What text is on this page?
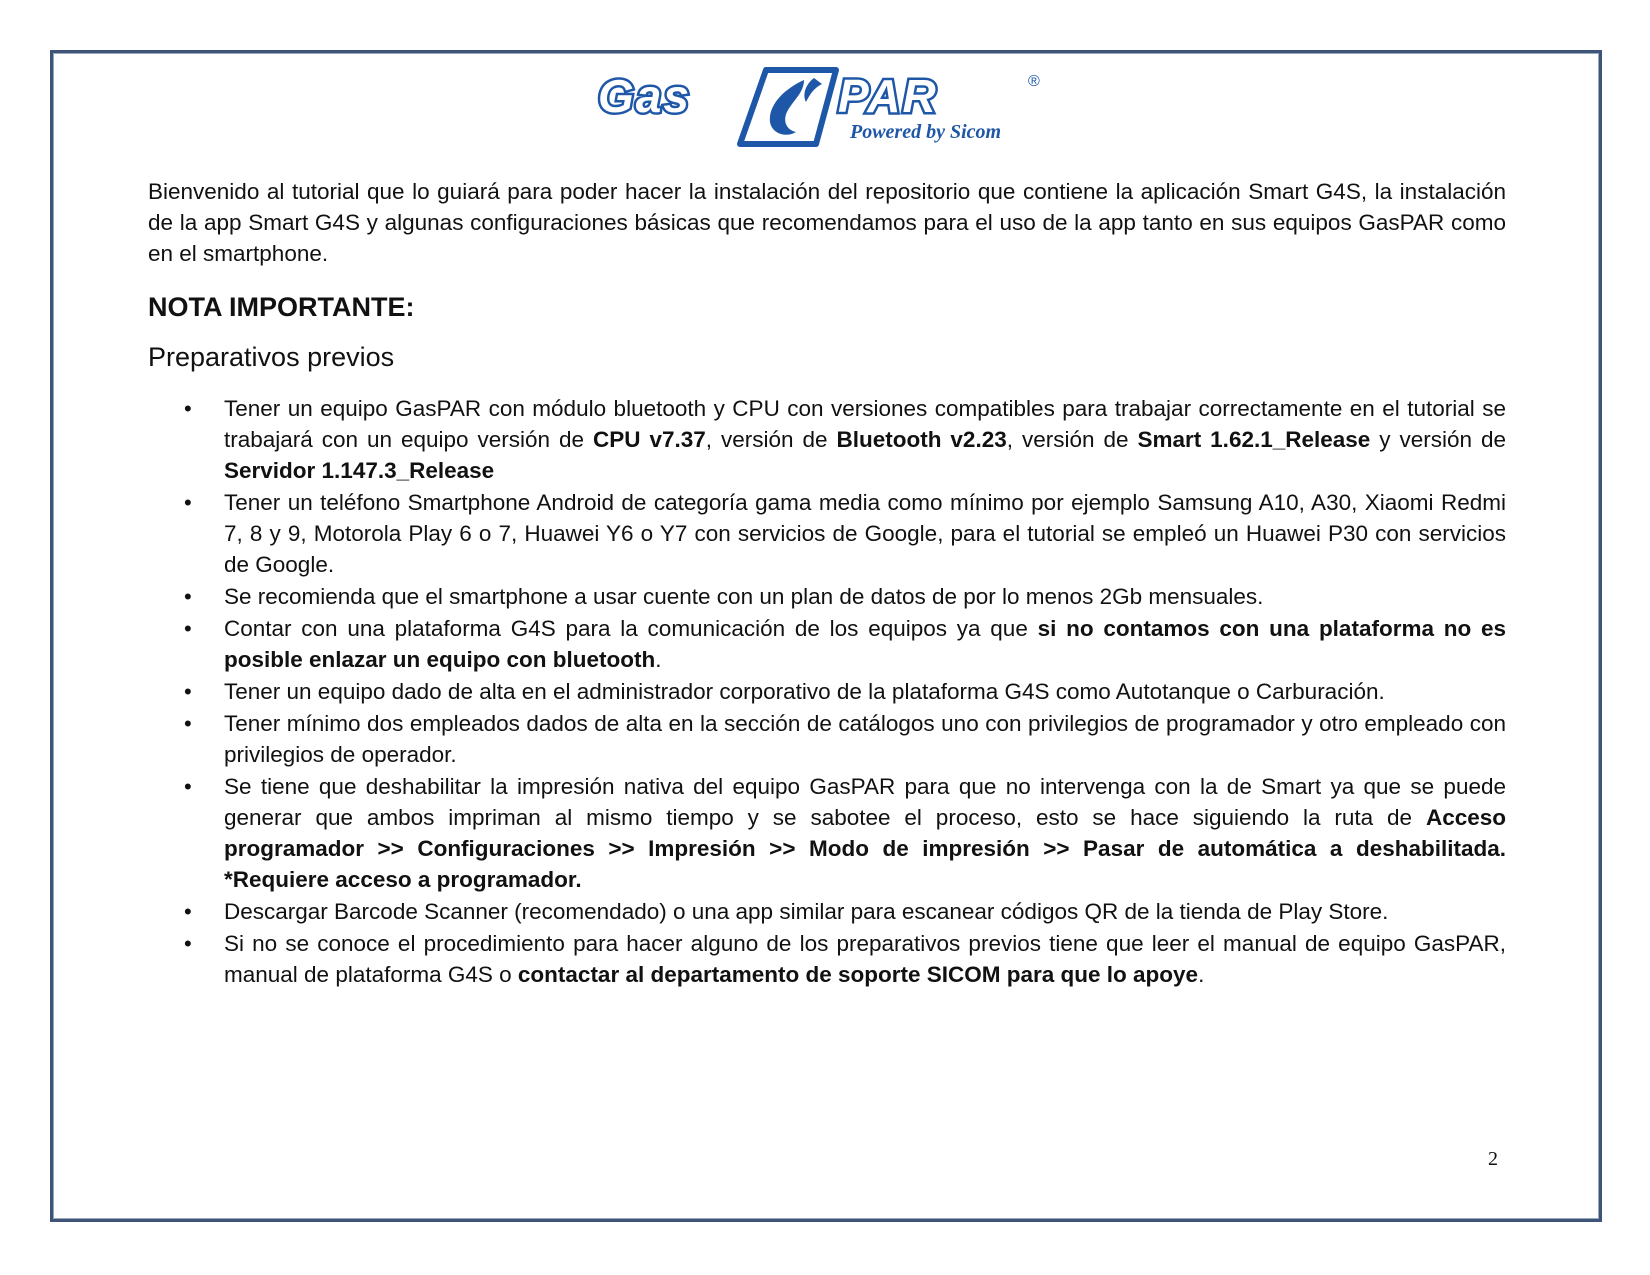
Gas	PAR	®
Powered by Sicom

Bienvenido al tutorial que lo guiará para poder hacer la instalación del repositorio que contiene la aplicación Smart G4S, la instalación de la app Smart G4S y algunas configuraciones básicas que recomendamos para el uso de la app tanto en sus equipos GasPAR como en el smartphone.

NOTA IMPORTANTE:
Preparativos previos
• Tener un equipo GasPAR con módulo bluetooth y CPU con versiones compatibles para trabajar correctamente en el tutorial se trabajará con un equipo versión de CPU v7.37, versión de Bluetooth v2.23, versión de Smart 1.62.1_Release y versión de Servidor 1.147.3_Release
• Tener un teléfono Smartphone Android de categoría gama media como mínimo por ejemplo Samsung A10, A30, Xiaomi Redmi 7, 8 y 9, Motorola Play 6 o 7, Huawei Y6 o Y7 con servicios de Google, para el tutorial se empleó un Huawei P30 con servicios de Google.
• Se recomienda que el smartphone a usar cuente con un plan de datos de por lo menos 2Gb mensuales.
• Contar con una plataforma G4S para la comunicación de los equipos ya que si no contamos con una plataforma no es posible enlazar un equipo con bluetooth.
• Tener un equipo dado de alta en el administrador corporativo de la plataforma G4S como Autotanque o Carburación.
• Tener mínimo dos empleados dados de alta en la sección de catálogos uno con privilegios de programador y otro empleado con privilegios de operador.
• Se tiene que deshabilitar la impresión nativa del equipo GasPAR para que no intervenga con la de Smart ya que se puede generar que ambos impriman al mismo tiempo y se sabotee el proceso, esto se hace siguiendo la ruta de Acceso programador >> Configuraciones >> Impresión >> Modo de impresión >> Pasar de automática a deshabilitada. *Requiere acceso a programador.
• Descargar Barcode Scanner (recomendado) o una app similar para escanear códigos QR de la tienda de Play Store.
• Si no se conoce el procedimiento para hacer alguno de los preparativos previos tiene que leer el manual de equipo GasPAR, manual de plataforma G4S o contactar al departamento de soporte SICOM para que lo apoye.
2
